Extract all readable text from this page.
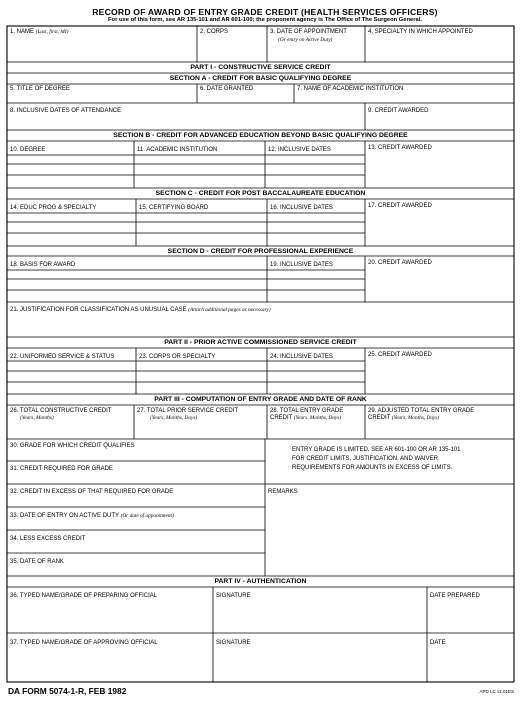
RECORD OF AWARD OF ENTRY GRADE CREDIT (HEALTH SERVICES OFFICERS)
For use of this form, see AR 135-101 and AR 601-100; the proponent agency is The Office of The Surgeon General.
1. NAME (Last, first, MI)	2. CORPS	3. DATE OF APPOINTMENT
(Or entry on Active Duty)
4. SPECIALTY IN WHICH APPOINTED
PART I - CONSTRUCTIVE SERVICE CREDIT
SECTION A - CREDIT FOR BASIC QUALIFYING DEGREE
5. TITLE OF DEGREE	6. DATE GRANTED	7. NAME OF ACADEMIC INSTITUTION
8. INCLUSIVE DATES OF ATTENDANCE	9. CREDIT AWARDED
SECTION B - CREDIT FOR ADVANCED EDUCATION BEYOND BASIC QUALIFYING DEGREE
10. DEGREE	11. ACADEMIC INSTITUTION	12. INCLUSIVE DATES	13. CREDIT AWARDED
SECTION C - CREDIT FOR POST BACCALAUREATE EDUCATION
14. EDUC PROG & SPECIALTY	15. CERTIFYING BOARD	16. INCLUSIVE DATES	17. CREDIT AWARDED
SECTION D - CREDIT FOR PROFESSIONAL EXPERIENCE
18. BASIS FOR AWARD	19. INCLUSIVE DATES	20. CREDIT AWARDED
21. JUSTIFICATION FOR CLASSIFICATION AS UNUSUAL CASE (Attach additional pages as necessary)
PART II - PRIOR ACTIVE COMMISSIONED SERVICE CREDIT
22. UNIFORMED SERVICE & STATUS	23. CORPS OR SPECIALTY	24. INCLUSIVE DATES	25. CREDIT AWARDED
PART III - COMPUTATION OF ENTRY GRADE AND DATE OF RANK
26. TOTAL CONSTRUCTIVE CREDIT
(Years, Months)
27. TOTAL PRIOR SERVICE CREDIT
(Years, Months, Days)
28. TOTAL ENTRY GRADE
CREDIT (Years, Months, Days)
29. ADJUSTED TOTAL ENTRY GRADE
CREDIT (Years, Months, Days)
30. GRADE FOR WHICH CREDIT QUALIFIES
31. CREDIT REQUIRED FOR GRADE
32. CREDIT IN EXCESS OF THAT REQUIRED FOR GRADE
33. DATE OF ENTRY ON ACTIVE DUTY (Or date of appointment)
34. LESS EXCESS CREDIT
35. DATE OF RANK
ENTRY GRADE IS LIMITED, SEE AR 601-100 OR AR 135-101 FOR CREDIT LIMITS, JUSTIFICATION, AND WAIVER REQUIREMENTS FOR AMOUNTS IN EXCESS OF LIMITS.
REMARKS
PART IV - AUTHENTICATION
36. TYPED NAME/GRADE OF PREPARING OFFICIAL	SIGNATURE	DATE PREPARED
37. TYPED NAME/GRADE OF APPROVING OFFICIAL	SIGNATURE	DATE
DA FORM 5074-1-R, FEB 1982	APD LC v1.01ES
